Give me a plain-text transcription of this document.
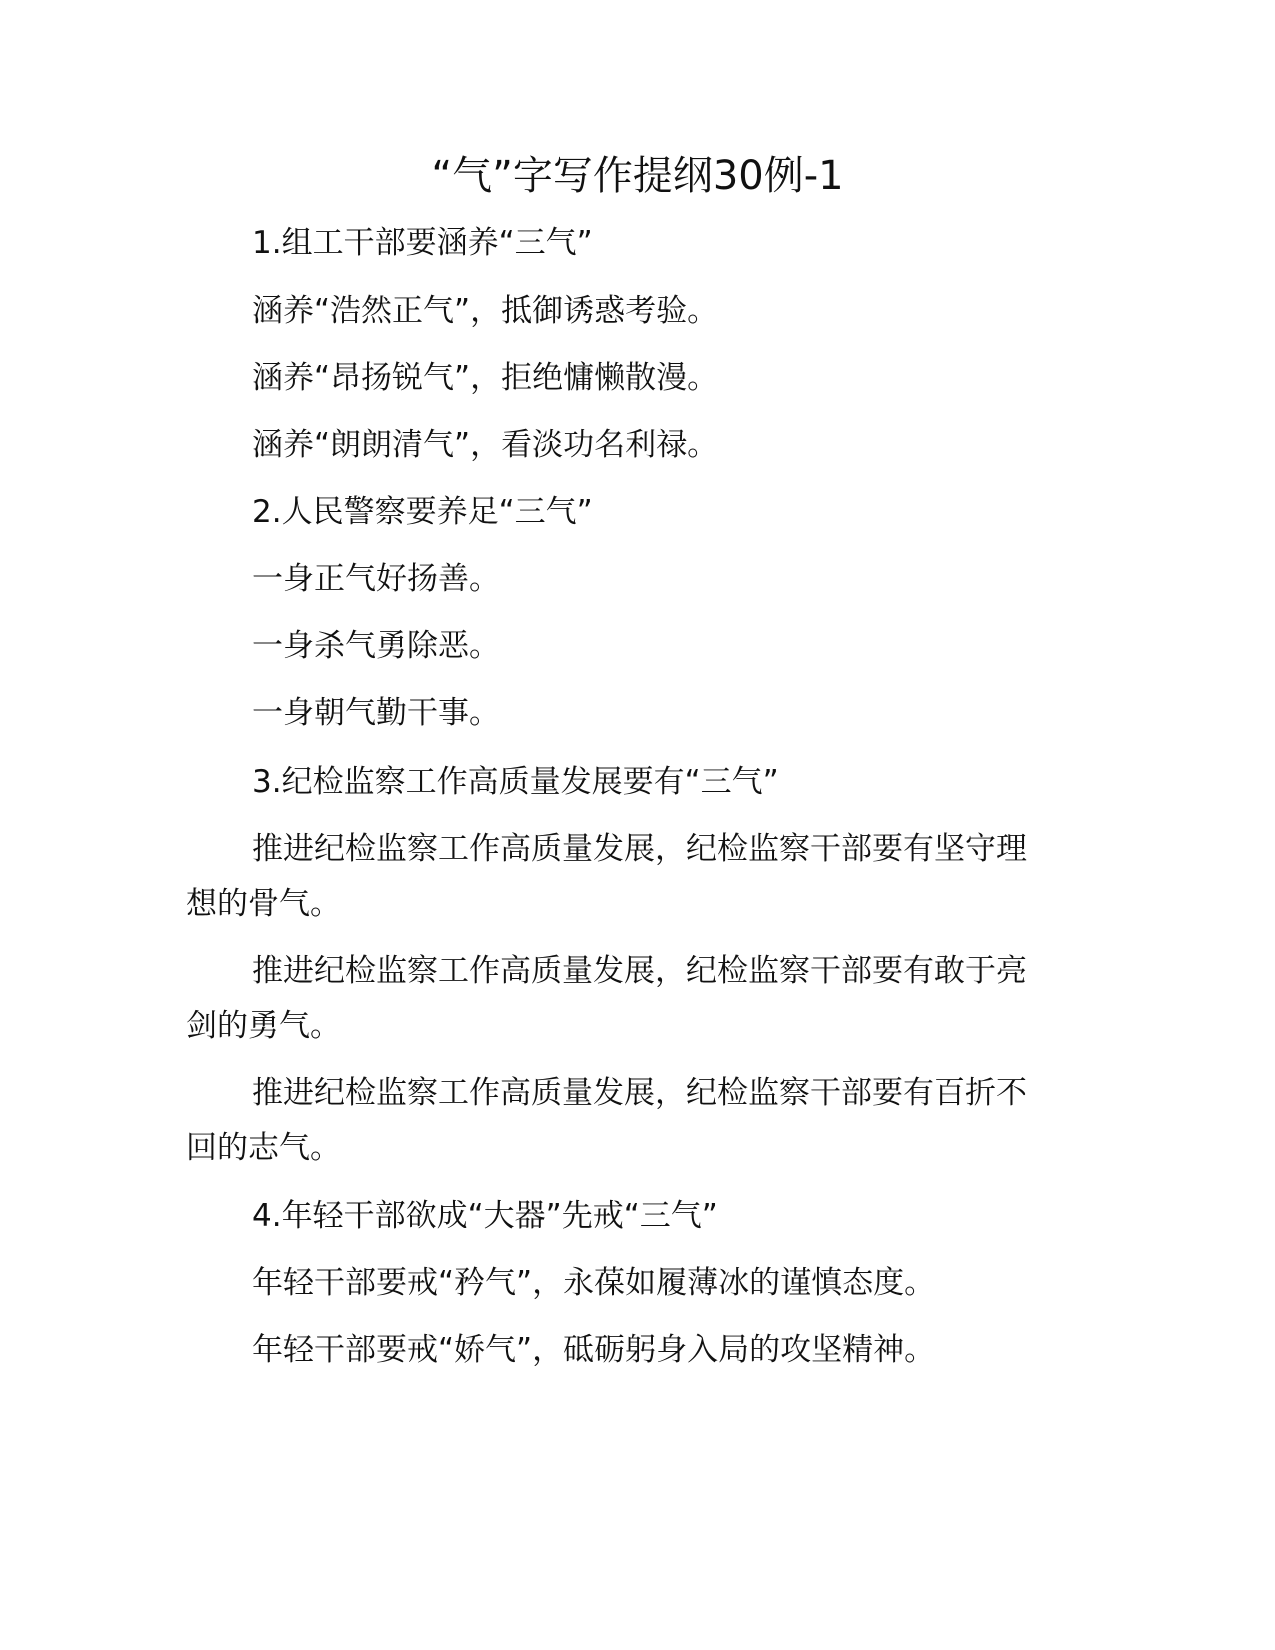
“气”字写作提纲30例-1
1.组工干部要涵养“三气”
涵养“浩然正气”，抵御诱惑考验。
涵养“昂扬锐气”，拒绝慵懒散漫。
涵养“朗朗清气”，看淡功名利禄。
2.人民警察要养足“三气”
一身正气好扬善。
一身杀气勇除恶。
一身朝气勤干事。
3.纪检监察工作高质量发展要有“三气”
推进纪检监察工作高质量发展，纪检监察干部要有坚守理
想的骨气。
推进纪检监察工作高质量发展，纪检监察干部要有敢于亮
剑的勇气。
推进纪检监察工作高质量发展，纪检监察干部要有百折不
回的志气。
4.年轻干部欲成“大器”先戒“三气”
年轻干部要戒“矜气”，永葆如履薄冰的谨慎态度。
年轻干部要戒“娇气”，砥砺躬身入局的攻坚精神。
